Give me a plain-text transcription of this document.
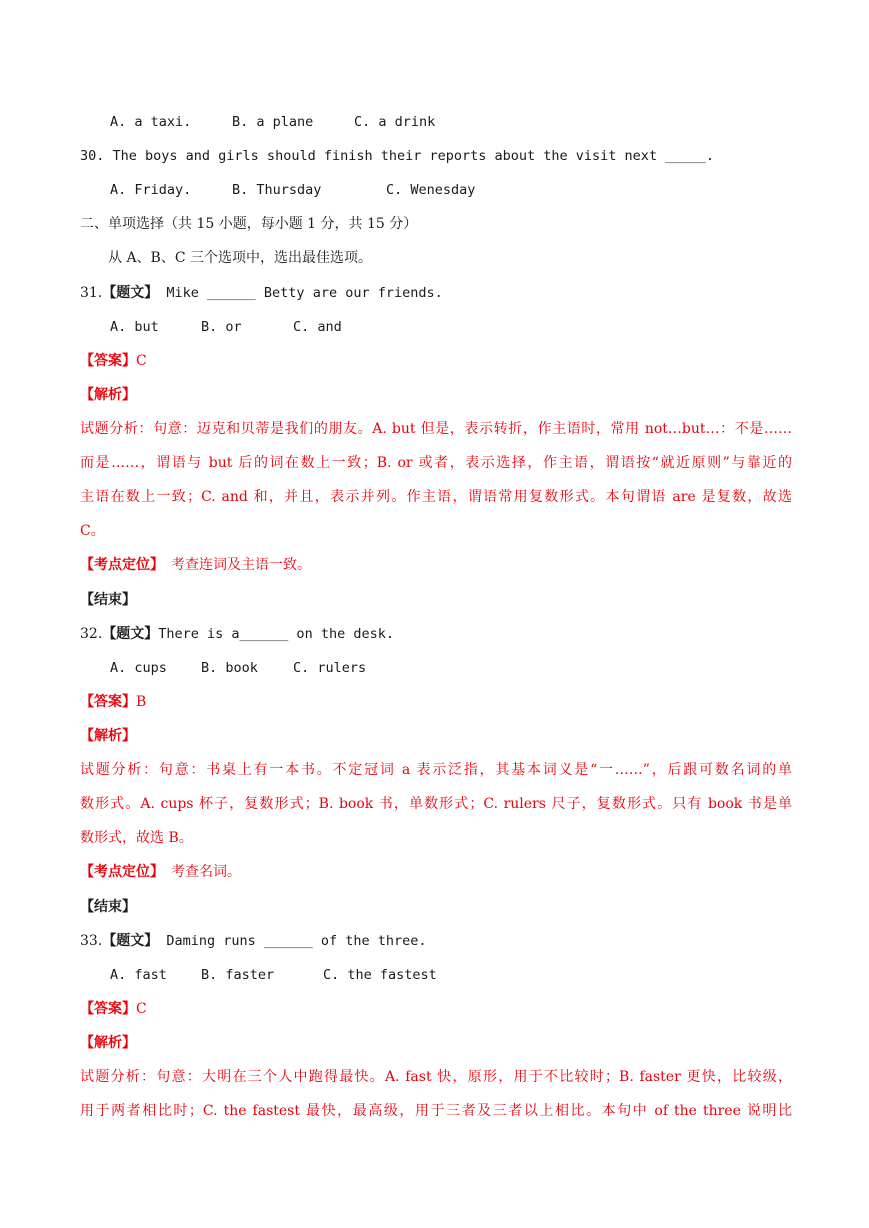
A. a taxi.	B. a plane	C. a drink
30. The boys and girls should finish their reports about the visit next _____.
A. Friday.	B. Thursday	C. Wenesday
二、单项选择（共 15 小题，每小题 1 分，共 15 分）
从 A、B、C 三个选项中，选出最佳选项。
31.【题文】 Mike ______ Betty are our friends.
A. but	B. or	C. and
【答案】C
【解析】
试题分析：句意：迈克和贝蒂是我们的朋友。A. but 但是，表示转折，作主语时，常用 not…but…：不是……
而是……，谓语与 but 后的词在数上一致；B. or 或者，表示选择，作主语，谓语按“就近原则”与靠近的
主语在数上一致；C. and 和，并且，表示并列。作主语，谓语常用复数形式。本句谓语 are 是复数，故选
C。
【考点定位】 考查连词及主语一致。
【结束】
32.【题文】There is a______ on the desk.
A. cups	B. book	C. rulers
【答案】B
【解析】
试题分析：句意：书桌上有一本书。不定冠词 a 表示泛指，其基本词义是“一……”，后跟可数名词的单
数形式。A. cups 杯子，复数形式；B. book 书，单数形式；C. rulers 尺子，复数形式。只有 book 书是单
数形式，故选 B。
【考点定位】 考查名词。
【结束】
33.【题文】 Daming runs ______ of the three.
A. fast	B. faster	C. the fastest
【答案】C
【解析】
试题分析：句意：大明在三个人中跑得最快。A. fast 快，原形，用于不比较时；B. faster 更快，比较级，
用于两者相比时；C. the fastest 最快，最高级，用于三者及三者以上相比。本句中 of the three 说明比
